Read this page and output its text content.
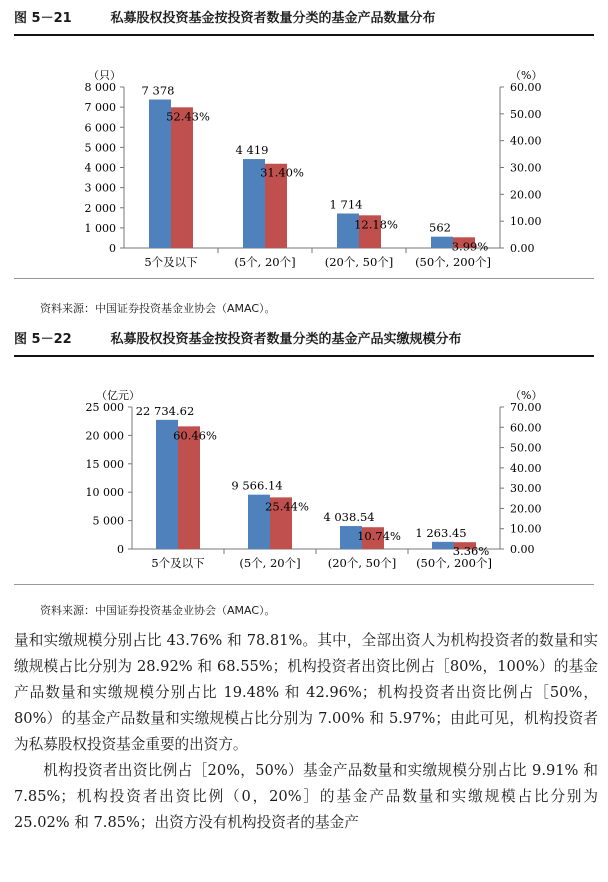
图 5－21	私募股权投资基金按投资者数量分类的基金产品数量分布
（只）	（%）
0
1 000
2 000
3 000
4 000
5 000
6 000
7 000
8 000
0.00
10.00
20.00
30.00
40.00
50.00
60.00
7 378
52.43%
5个及以下
4 419
31.40%
(5个, 20个]
1 714
12.18%
(20个, 50个]
562
3.99%
(50个, 200个]
资料来源：中国证券投资基金业协会（AMAC）。
图 5－22	私募股权投资基金按投资者数量分类的基金产品实缴规模分布
（亿元）	（%）
0
5 000
10 000
15 000
20 000
25 000
0.00
10.00
20.00
30.00
40.00
50.00
60.00
70.00
22 734.62
60.46%
5个及以下
9 566.14
25.44%
(5个, 20个]
4 038.54
10.74%
(20个, 50个]
1 263.45
3.36%
(50个, 200个]
资料来源：中国证券投资基金业协会（AMAC）。

量和实缴规模分别占比 43.76% 和 78.81%。其中，全部出资人为机构投资者的数量和实缴规模占比分别为 28.92% 和 68.55%；机构投资者出资比例占［80%，100%）的基金产品数量和实缴规模分别占比 19.48% 和 42.96%；机构投资者出资比例占［50%，80%）的基金产品数量和实缴规模占比分别为 7.00% 和 5.97%；由此可见，机构投资者为私募股权投资基金重要的出资方。

机构投资者出资比例占［20%，50%）基金产品数量和实缴规模分别占比 9.91% 和 7.85%；机构投资者出资比例（0，20%］的基金产品数量和实缴规模占比分别为 25.02% 和 7.85%；出资方没有机构投资者的基金产
